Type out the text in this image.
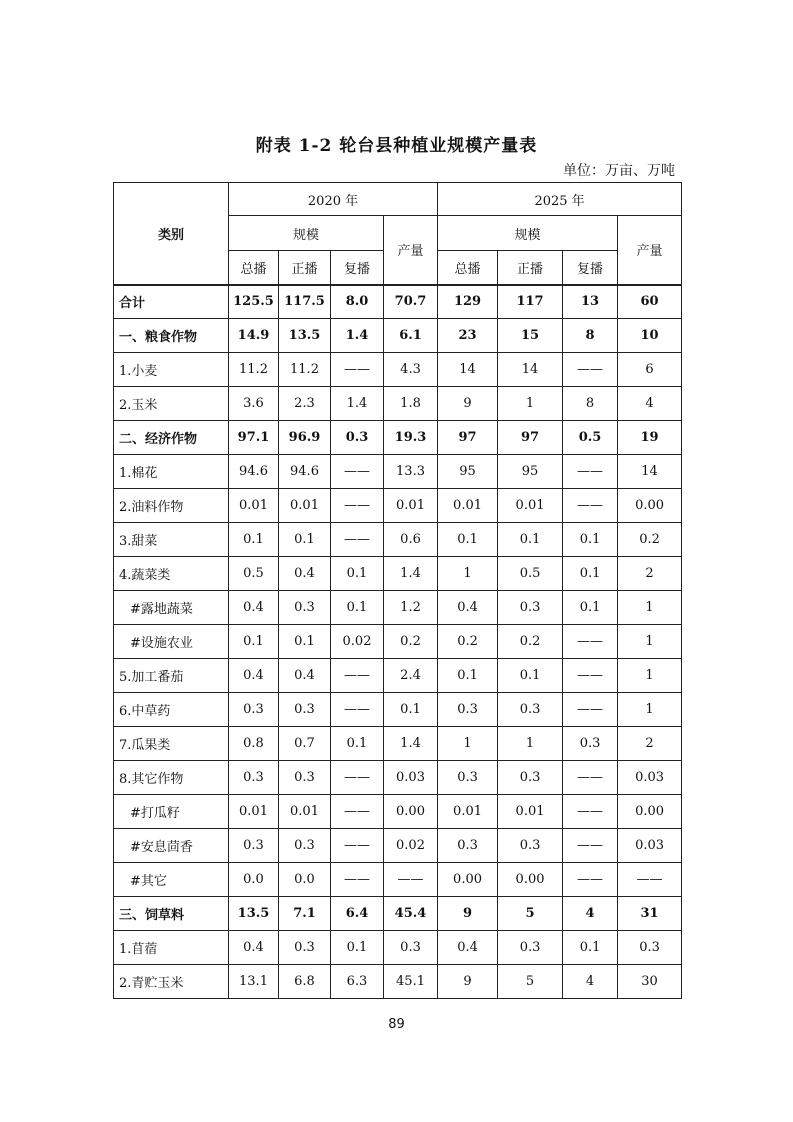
附表 1-2 轮台县种植业规模产量表
单位：万亩、万吨
类别	2020 年				2025 年			
	规模			产量	规模			产量
	总播	正播	复播		总播	正播	复播	
合计	125.5	117.5	8.0	70.7	129	117	13	60
一、粮食作物	14.9	13.5	1.4	6.1	23	15	8	10
1.小麦	11.2	11.2	——	4.3	14	14	——	6
2.玉米	3.6	2.3	1.4	1.8	9	1	8	4
二、经济作物	97.1	96.9	0.3	19.3	97	97	0.5	19
1.棉花	94.6	94.6	——	13.3	95	95	——	14
2.油料作物	0.01	0.01	——	0.01	0.01	0.01	——	0.00
3.甜菜	0.1	0.1	——	0.6	0.1	0.1	0.1	0.2
4.蔬菜类	0.5	0.4	0.1	1.4	1	0.5	0.1	2
#露地蔬菜	0.4	0.3	0.1	1.2	0.4	0.3	0.1	1
#设施农业	0.1	0.1	0.02	0.2	0.2	0.2	——	1
5.加工番茄	0.4	0.4	——	2.4	0.1	0.1	——	1
6.中草药	0.3	0.3	——	0.1	0.3	0.3	——	1
7.瓜果类	0.8	0.7	0.1	1.4	1	1	0.3	2
8.其它作物	0.3	0.3	——	0.03	0.3	0.3	——	0.03
#打瓜籽	0.01	0.01	——	0.00	0.01	0.01	——	0.00
#安息茴香	0.3	0.3	——	0.02	0.3	0.3	——	0.03
#其它	0.0	0.0	——	——	0.00	0.00	——	——
三、饲草料	13.5	7.1	6.4	45.4	9	5	4	31
1.苜蓿	0.4	0.3	0.1	0.3	0.4	0.3	0.1	0.3
2.青贮玉米	13.1	6.8	6.3	45.1	9	5	4	30
89
